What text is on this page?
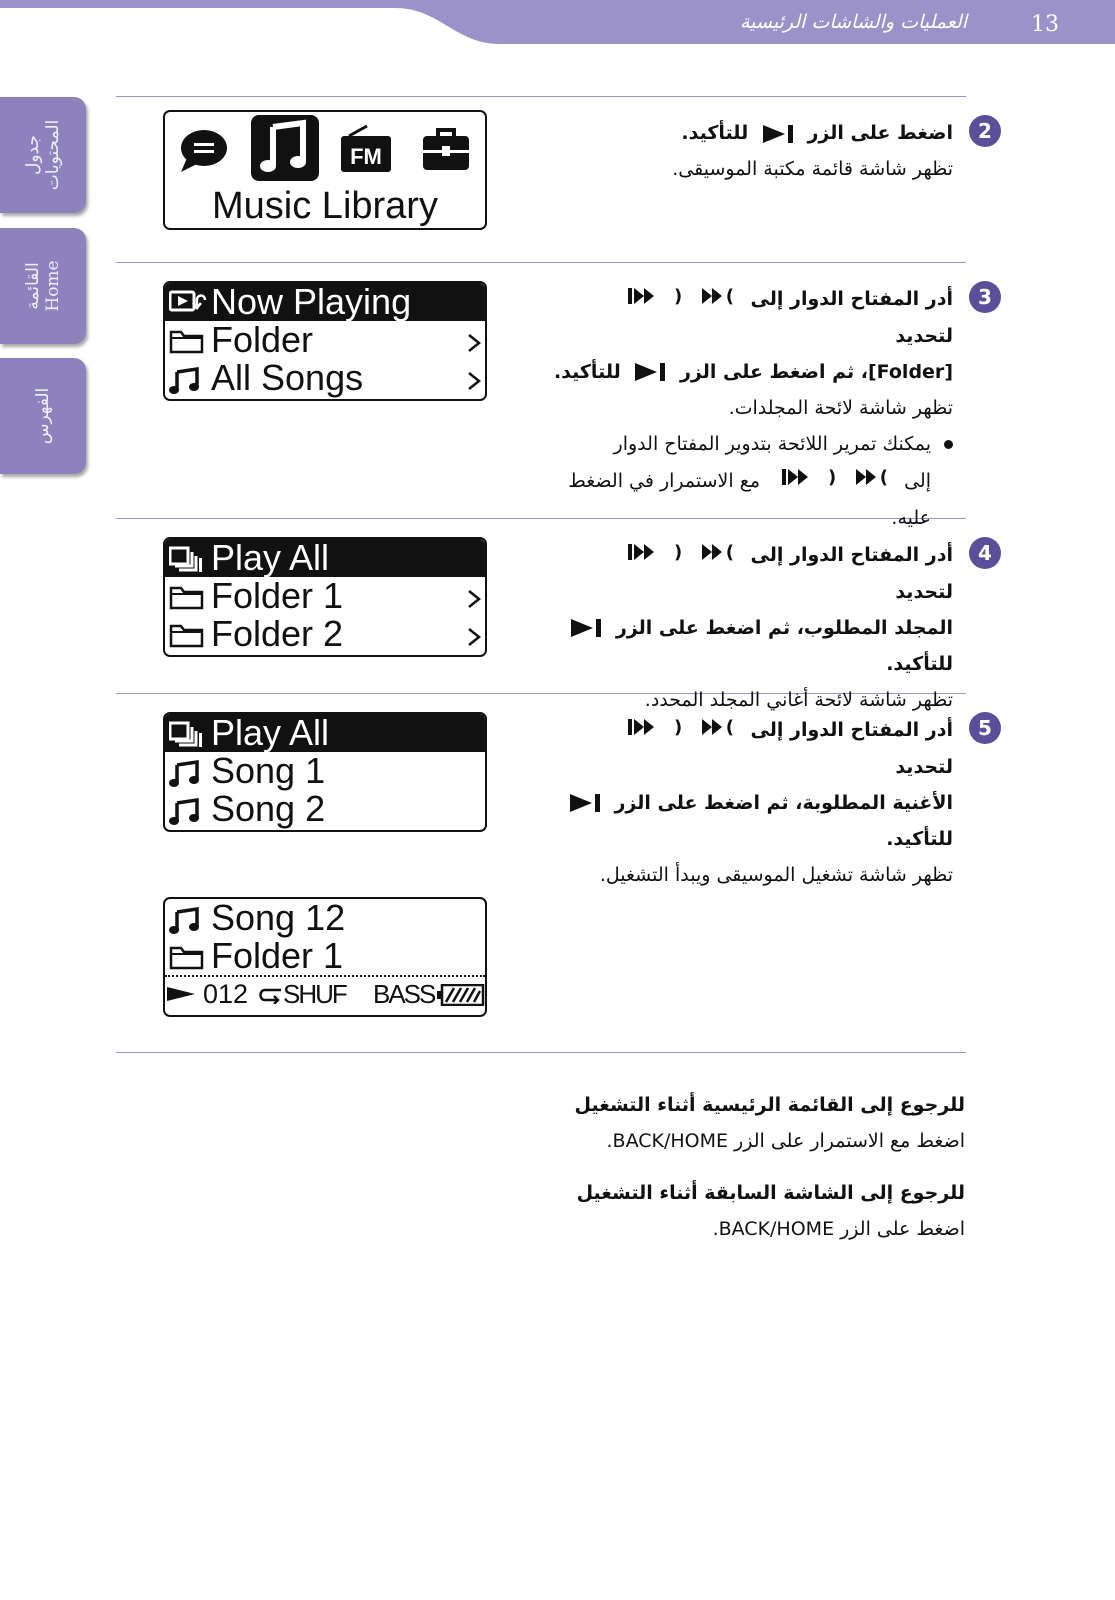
العمليات والشاشات الرئيسية	13
جدول المحتويات
القائمة Home
الفهرس
FM
Music Library
Now Playing
Folder
All Songs
Play All
Folder 1
Folder 2
Play All
Song 1
Song 2
Song 12
Folder 1
012 SHUF BASS
2
اضغط على الزر  للتأكيد.
تظهر شاشة قائمة مكتبة الموسيقى.
3
أدر المفتاح الدوار إلى
(
)
لتحديد
[Folder]، ثم اضغط على الزر  للتأكيد.
تظهر شاشة لائحة المجلدات.
يمكنك تمرير اللائحة بتدوير المفتاح الدوار
إلى
(
)
مع الاستمرار في الضغط
عليه.
4
أدر المفتاح الدوار إلى
(
)
لتحديد
المجلد المطلوب، ثم اضغط على الزر
للتأكيد.
تظهر شاشة لائحة أغاني المجلد المحدد.
5
أدر المفتاح الدوار إلى
(
)
لتحديد
الأغنية المطلوبة، ثم اضغط على الزر
للتأكيد.
تظهر شاشة تشغيل الموسيقى ويبدأ التشغيل.
للرجوع إلى القائمة الرئيسية أثناء التشغيل
اضغط مع الاستمرار على الزر BACK/HOME.
للرجوع إلى الشاشة السابقة أثناء التشغيل
اضغط على الزر BACK/HOME.
